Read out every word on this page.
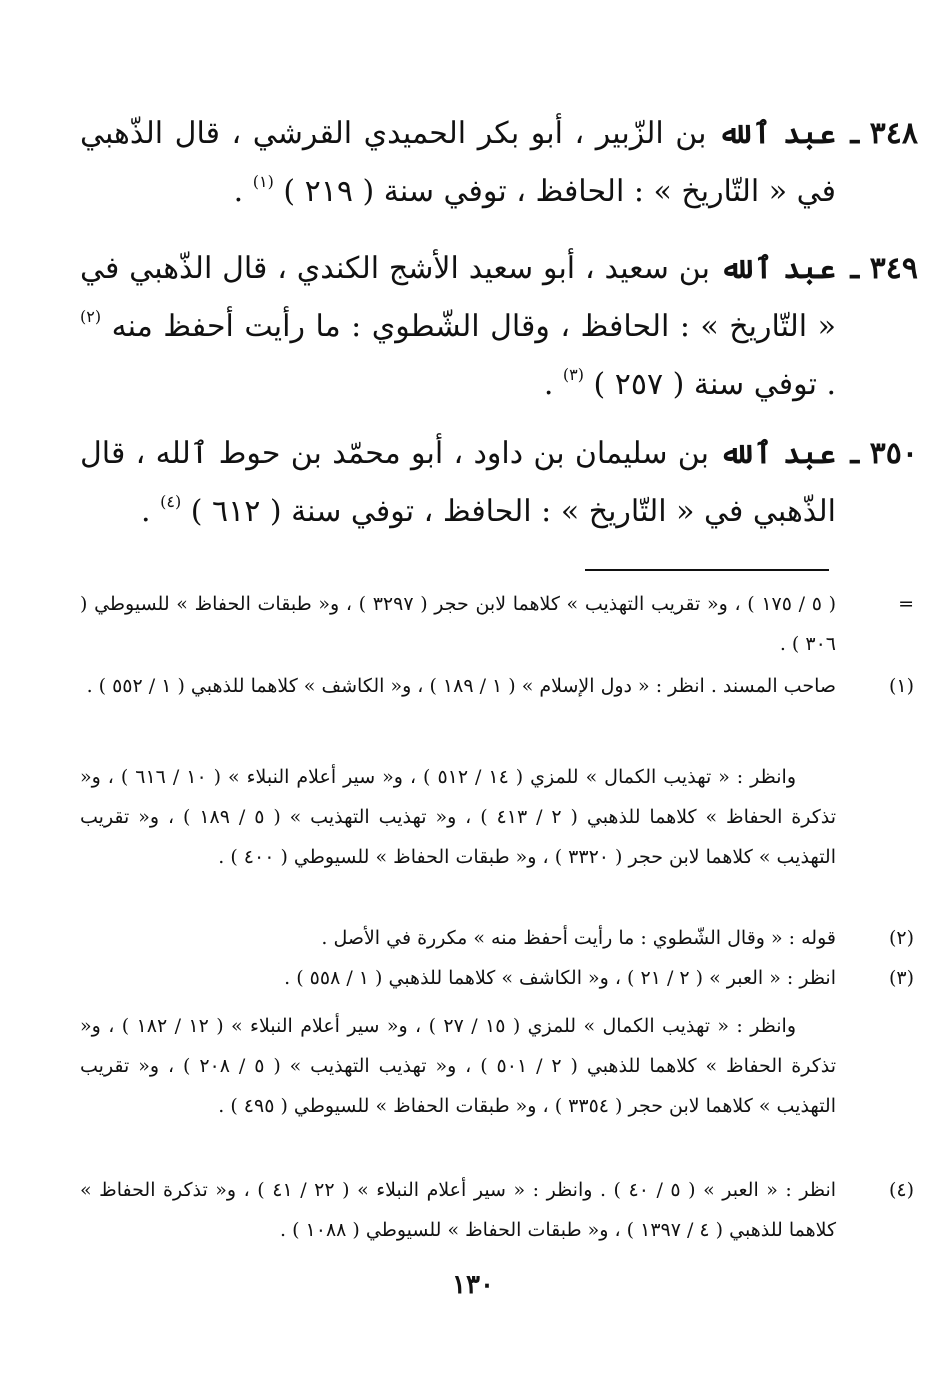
٣٤٨ ـ
عبد ٱلله بن الزّبير ، أبو بكر الحميدي القرشي ، قال الذّهبي في « التّاريخ » : الحافظ ، توفي سنة ( ٢١٩ ) $^{(١)}$ .
٣٤٩ ـ
عبد ٱلله بن سعيد ، أبو سعيد الأشج الكندي ، قال الذّهبي في « التّاريخ » : الحافظ ، وقال الشّطوي : ما رأيت أحفظ منه $^{(٢)}$ . توفي سنة ( ٢٥٧ ) $^{(٣)}$ .
٣٥٠ ـ
عبد ٱلله بن سليمان بن داود ، أبو محمّد بن حوط ٱلله ، قال الذّهبي في « التّاريخ » : الحافظ ، توفي سنة ( ٦١٢ ) $^{(٤)}$ .
=
( ٥ / ١٧٥ ) ، و« تقريب التهذيب » كلاهما لابن حجر ( ٣٢٩٧ ) ، و« طبقات الحفاظ » للسيوطي ( ٣٠٦ ) .
(١)
صاحب المسند . انظر : « دول الإسلام » ( ١ / ١٨٩ ) ، و« الكاشف » كلاهما للذهبي ( ١ / ٥٥٢ ) .
وانظر : « تهذيب الكمال » للمزي ( ١٤ / ٥١٢ ) ، و« سير أعلام النبلاء » ( ١٠ / ٦١٦ ) ، و« تذكرة الحفاظ » كلاهما للذهبي ( ٢ / ٤١٣ ) ، و« تهذيب التهذيب » ( ٥ / ١٨٩ ) ، و« تقريب التهذيب » كلاهما لابن حجر ( ٣٣٢٠ ) ، و« طبقات الحفاظ » للسيوطي ( ٤٠٠ ) .
(٢)
قوله : « وقال الشّطوي : ما رأيت أحفظ منه » مكررة في الأصل .
(٣)
انظر : « العبر » ( ٢ / ٢١ ) ، و« الكاشف » كلاهما للذهبي ( ١ / ٥٥٨ ) .
وانظر : « تهذيب الكمال » للمزي ( ١٥ / ٢٧ ) ، و« سير أعلام النبلاء » ( ١٢ / ١٨٢ ) ، و« تذكرة الحفاظ » كلاهما للذهبي ( ٢ / ٥٠١ ) ، و« تهذيب التهذيب » ( ٥ / ٢٠٨ ) ، و« تقريب التهذيب » كلاهما لابن حجر ( ٣٣٥٤ ) ، و« طبقات الحفاظ » للسيوطي ( ٤٩٥ ) .
(٤)
انظر : « العبر » ( ٥ / ٤٠ ) . وانظر : « سير أعلام النبلاء » ( ٢٢ / ٤١ ) ، و« تذكرة الحفاظ » كلاهما للذهبي ( ٤ / ١٣٩٧ ) ، و« طبقات الحفاظ » للسيوطي ( ١٠٨٨ ) .
١٣٠
